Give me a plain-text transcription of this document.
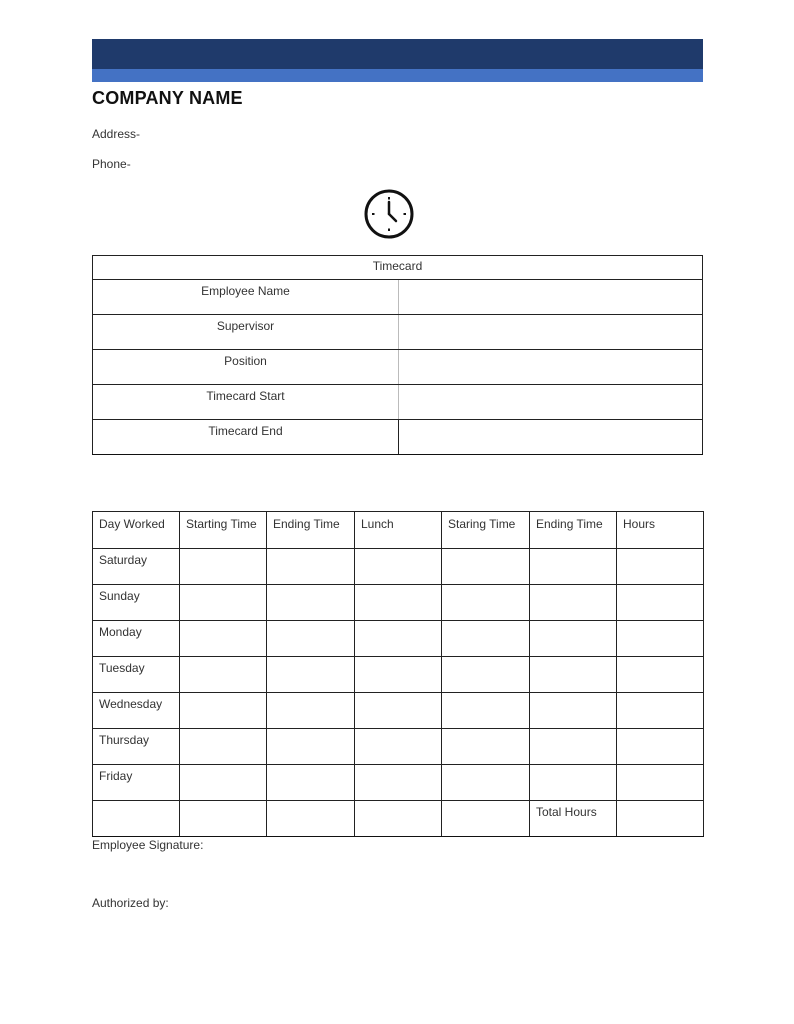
COMPANY NAME
Address-
Phone-
Timecard	
Employee Name	
Supervisor	
Position	
Timecard Start	
Timecard End	
Day Worked	Starting Time	Ending Time	Lunch	Staring Time	Ending Time	Hours
Saturday						
Sunday						
Monday						
Tuesday						
Wednesday						
Thursday						
Friday						
					Total Hours	
Employee Signature:
Authorized by:
